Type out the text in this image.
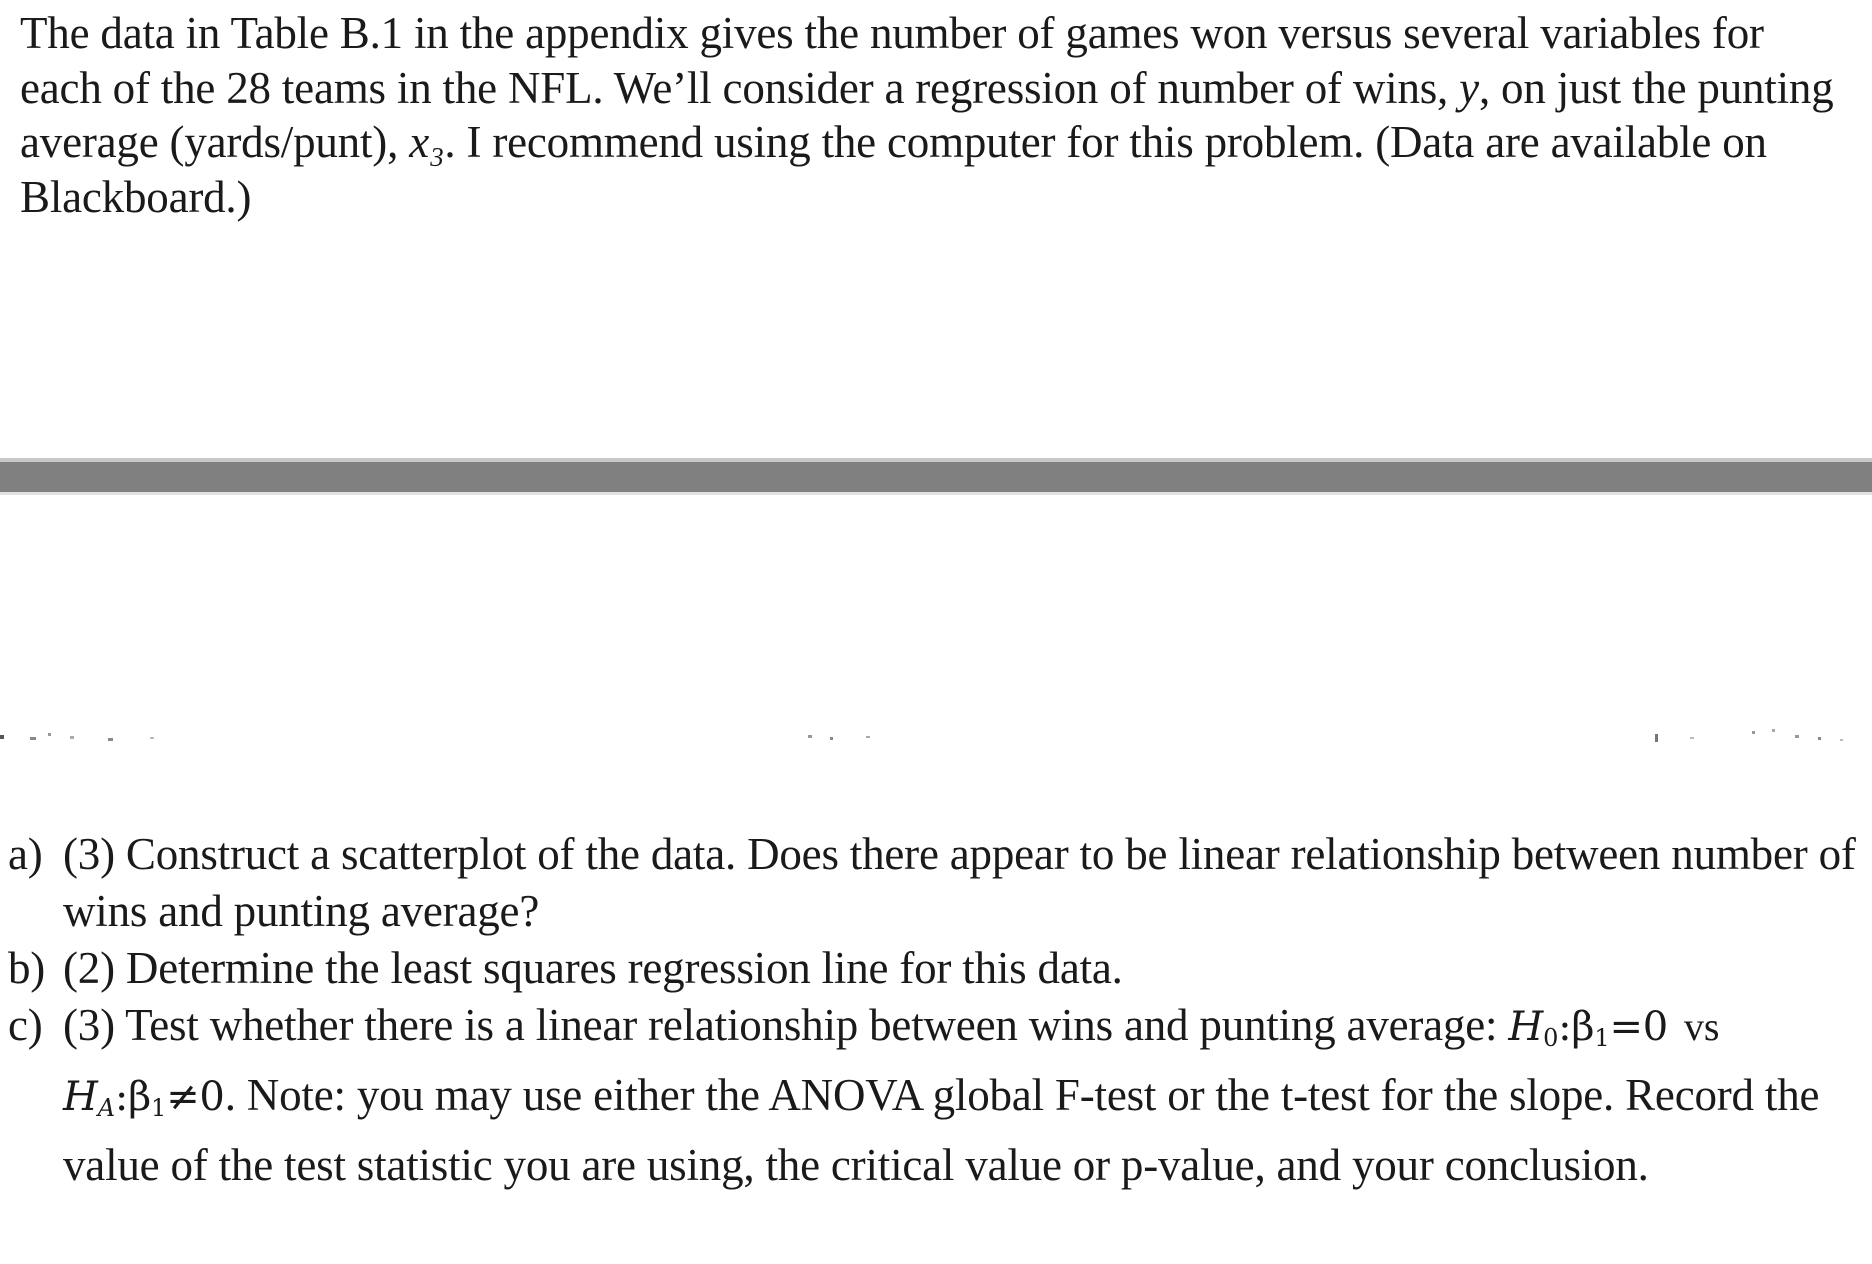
The data in Table B.1 in the appendix gives the number of games won versus several variables for each of the 28 teams in the NFL. We’ll consider a regression of number of wins, y, on just the punting average (yards/punt), x₃. I recommend using the computer for this problem. (Data are available on Blackboard.)
a) (3) Construct a scatterplot of the data. Does there appear to be linear relationship between number of wins and punting average?
b) (2) Determine the least squares regression line for this data.
c) (3) Test whether there is a linear relationship between wins and punting average: $H_0:\beta_1=0$ vs
$H_A:\beta_1\ne 0$. Note: you may use either the ANOVA global F-test or the t-test for the slope. Record the value of the test statistic you are using, the critical value or p-value, and your conclusion.
